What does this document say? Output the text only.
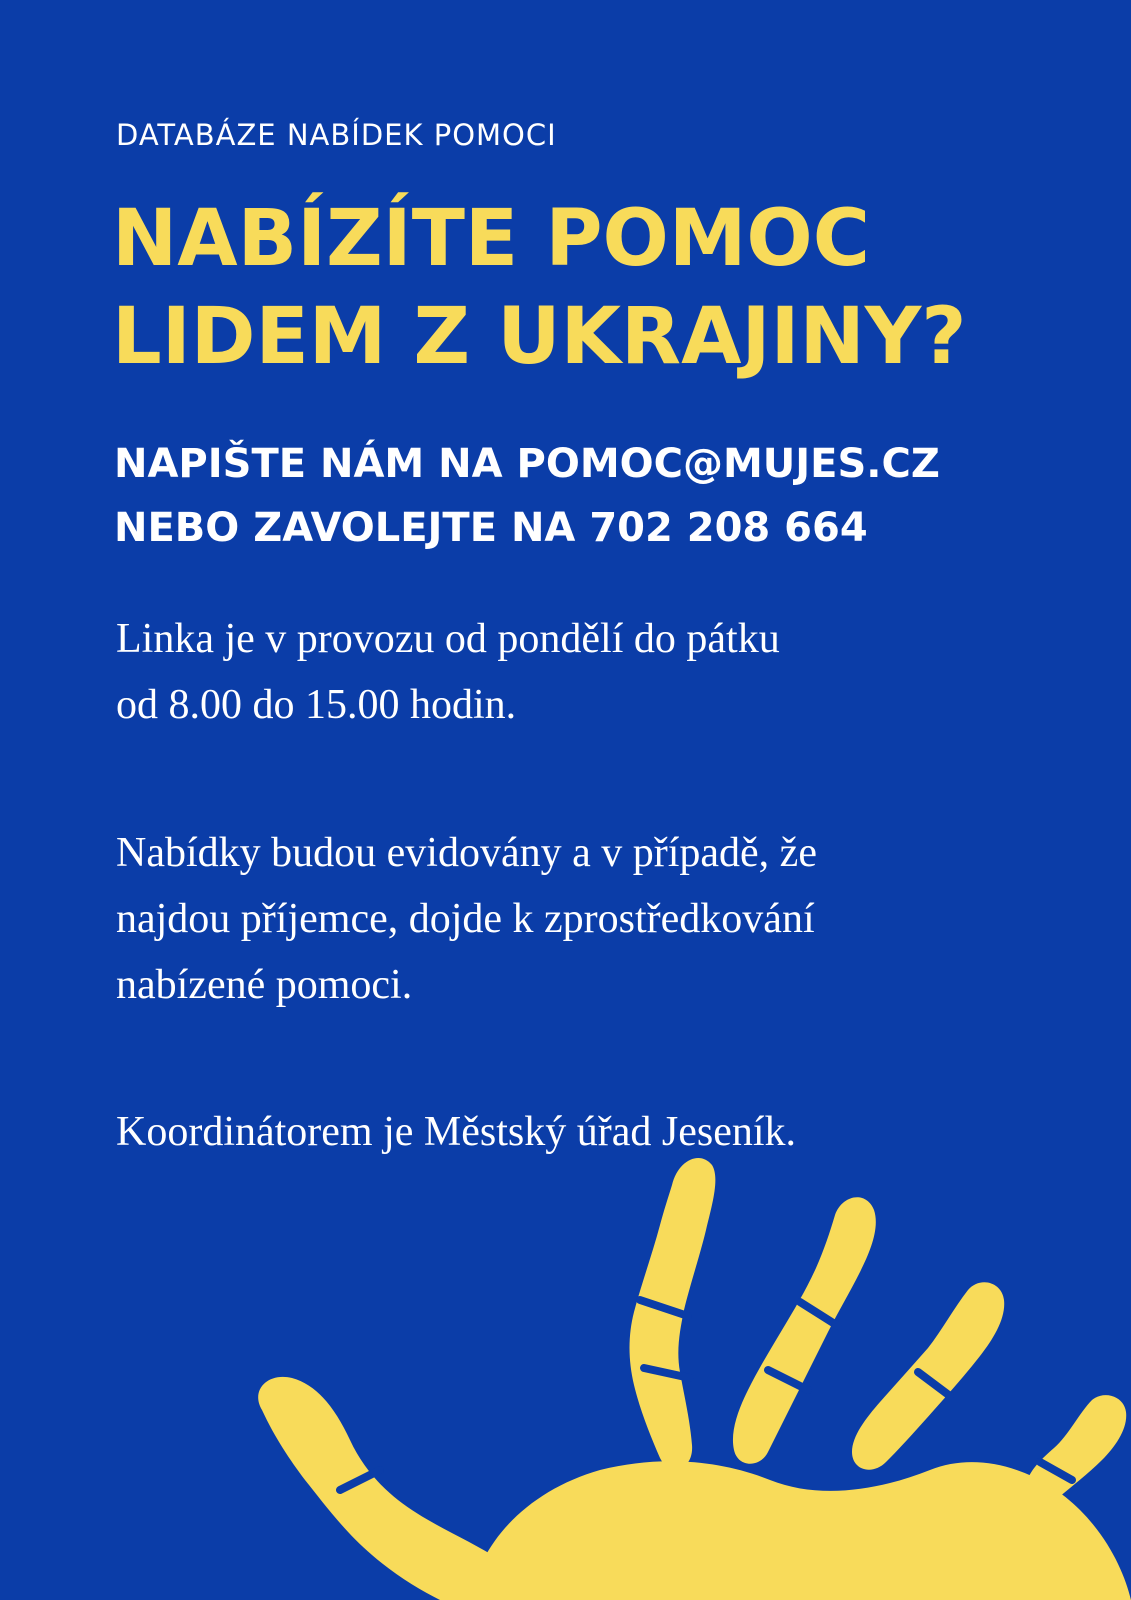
DATABÁZE NABÍDEK POMOCI
NABÍZÍTE POMOC
LIDEM Z UKRAJINY?
NAPIŠTE NÁM NA POMOC@MUJES.CZ
NEBO ZAVOLEJTE NA 702 208 664

Linka je v provozu od pondělí do pátku
od 8.00 do 15.00 hodin.

Nabídky budou evidovány a v případě, že
najdou příjemce, dojde k zprostředkování
nabízené pomoci.

Koordinátorem je Městský úřad Jeseník.
